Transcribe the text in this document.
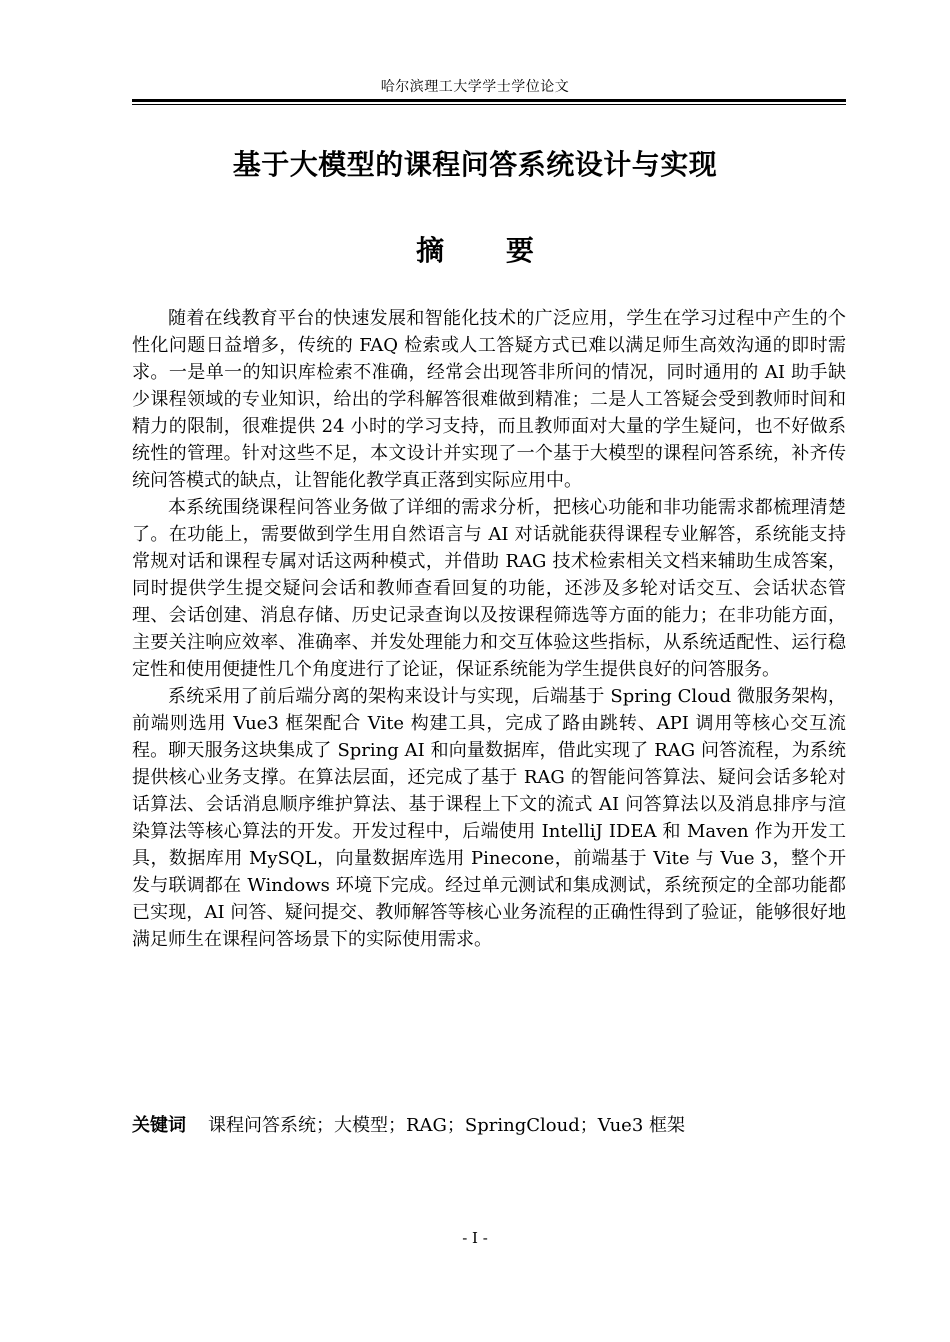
哈尔滨理工大学学士学位论文
基于大模型的课程问答系统设计与实现
摘 要

随着在线教育平台的快速发展和智能化技术的广泛应用，学生在学习过程中产生的个性化问题日益增多，传统的 FAQ 检索或人工答疑方式已难以满足师生高效沟通的即时需求。一是单一的知识库检索不准确，经常会出现答非所问的情况，同时通用的 AI 助手缺少课程领域的专业知识，给出的学科解答很难做到精准；二是人工答疑会受到教师时间和精力的限制，很难提供 24 小时的学习支持，而且教师面对大量的学生疑问，也不好做系统性的管理。针对这些不足，本文设计并实现了一个基于大模型的课程问答系统，补齐传统问答模式的缺点，让智能化教学真正落到实际应用中。

本系统围绕课程问答业务做了详细的需求分析，把核心功能和非功能需求都梳理清楚了。在功能上，需要做到学生用自然语言与 AI 对话就能获得课程专业解答，系统能支持常规对话和课程专属对话这两种模式，并借助 RAG 技术检索相关文档来辅助生成答案，同时提供学生提交疑问会话和教师查看回复的功能，还涉及多轮对话交互、会话状态管理、会话创建、消息存储、历史记录查询以及按课程筛选等方面的能力；在非功能方面，主要关注响应效率、准确率、并发处理能力和交互体验这些指标，从系统适配性、运行稳定性和使用便捷性几个角度进行了论证，保证系统能为学生提供良好的问答服务。

系统采用了前后端分离的架构来设计与实现，后端基于 Spring Cloud 微服务架构，前端则选用 Vue3 框架配合 Vite 构建工具，完成了路由跳转、API 调用等核心交互流程。聊天服务这块集成了 Spring AI 和向量数据库，借此实现了 RAG 问答流程，为系统提供核心业务支撑。在算法层面，还完成了基于 RAG 的智能问答算法、疑问会话多轮对话算法、会话消息顺序维护算法、基于课程上下文的流式 AI 问答算法以及消息排序与渲染算法等核心算法的开发。开发过程中，后端使用 IntelliJ IDEA 和 Maven 作为开发工具，数据库用 MySQL，向量数据库选用 Pinecone，前端基于 Vite 与 Vue 3，整个开发与联调都在 Windows 环境下完成。经过单元测试和集成测试，系统预定的全部功能都已实现，AI 问答、疑问提交、教师解答等核心业务流程的正确性得到了验证，能够很好地满足师生在课程问答场景下的实际使用需求。

关键词 课程问答系统；大模型；RAG；SpringCloud；Vue3 框架
- I -
